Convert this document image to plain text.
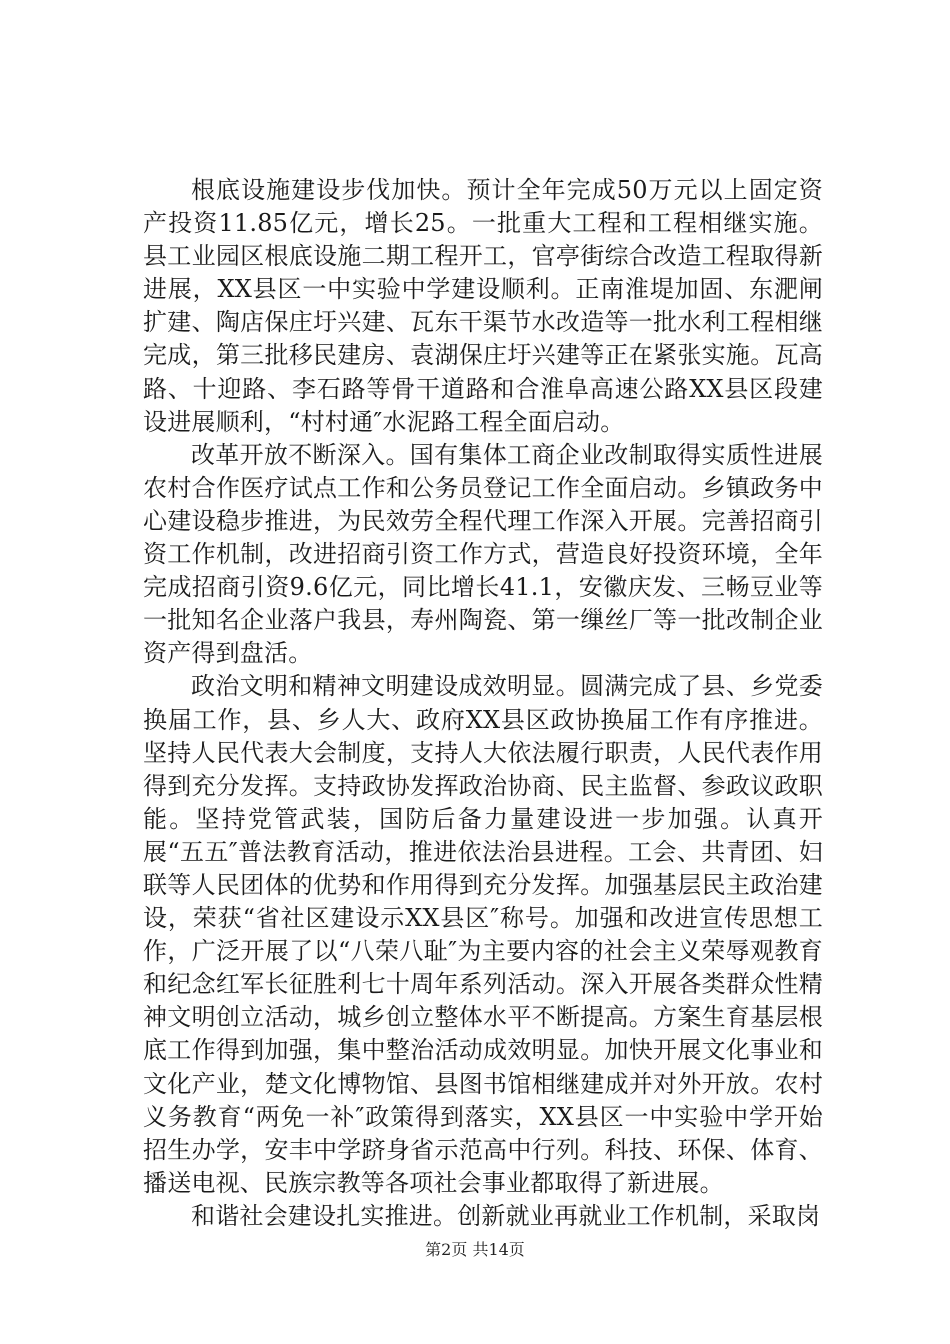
根底设施建设步伐加快。预计全年完成50万元以上固定资产投资11.85亿元，增长25。一批重大工程和工程相继实施。县工业园区根底设施二期工程开工，官亭街综合改造工程取得新进展，XX县区一中实验中学建设顺利。正南淮堤加固、东淝闸扩建、陶店保庄圩兴建、瓦东干渠节水改造等一批水利工程相继完成，第三批移民建房、袁湖保庄圩兴建等正在紧张实施。瓦高路、十迎路、李石路等骨干道路和合淮阜高速公路XX县区段建设进展顺利，“村村通″水泥路工程全面启动。

改革开放不断深入。国有集体工商企业改制取得实质性进展农村合作医疗试点工作和公务员登记工作全面启动。乡镇政务中心建设稳步推进，为民效劳全程代理工作深入开展。完善招商引资工作机制，改进招商引资工作方式，营造良好投资环境，全年完成招商引资9.6亿元，同比增长41.1，安徽庆发、三畅豆业等一批知名企业落户我县，寿州陶瓷、第一缫丝厂等一批改制企业资产得到盘活。

政治文明和精神文明建设成效明显。圆满完成了县、乡党委换届工作，县、乡人大、政府XX县区政协换届工作有序推进。坚持人民代表大会制度，支持人大依法履行职责，人民代表作用得到充分发挥。支持政协发挥政治协商、民主监督、参政议政职能。坚持党管武装，国防后备力量建设进一步加强。认真开展“五五″普法教育活动，推进依法治县进程。工会、共青团、妇联等人民团体的优势和作用得到充分发挥。加强基层民主政治建设，荣获“省社区建设示XX县区″称号。加强和改进宣传思想工作，广泛开展了以“八荣八耻″为主要内容的社会主义荣辱观教育和纪念红军长征胜利七十周年系列活动。深入开展各类群众性精神文明创立活动，城乡创立整体水平不断提高。方案生育基层根底工作得到加强，集中整治活动成效明显。加快开展文化事业和文化产业，楚文化博物馆、县图书馆相继建成并对外开放。农村义务教育“两免一补″政策得到落实，XX县区一中实验中学开始招生办学，安丰中学跻身省示范高中行列。科技、环保、体育、播送电视、民族宗教等各项社会事业都取得了新进展。

和谐社会建设扎实推进。创新就业再就业工作机制，采取岗

第2页 共14页
